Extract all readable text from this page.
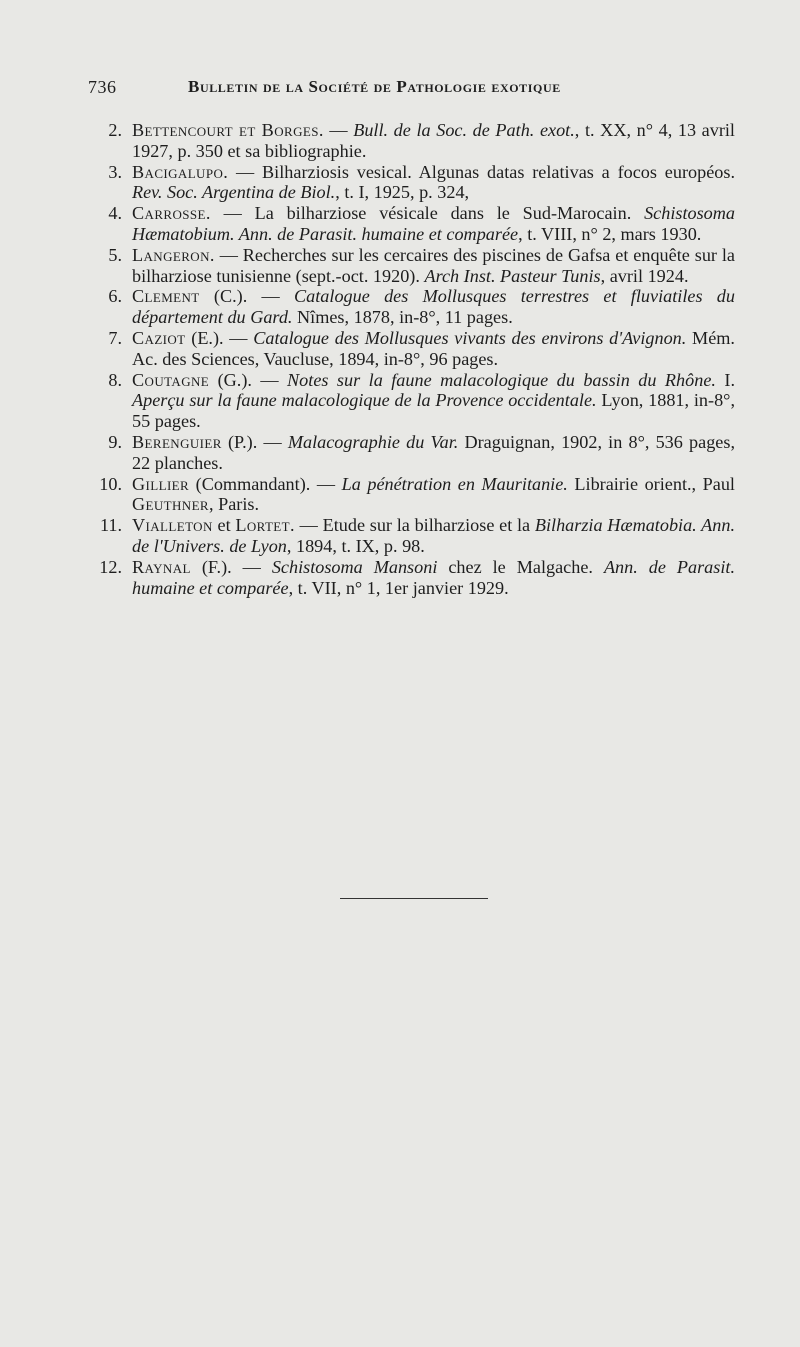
736	Bulletin de la Société de Pathologie exotique

2 . Bettencourt et Borges. — Bull. de la Soc. de Path. exot., t. XX, n° 4, 13 avril 1927, p. 350 et sa bibliographie.

3 . Bacigalupo. — Bilharziosis vesical. Algunas datas relativas a focos européos. Rev. Soc. Argentina de Biol., t. I, 1925, p. 324,

4 . Carrosse. — La bilharziose vésicale dans le Sud-Marocain. Schistosoma Hæmatobium. Ann. de Parasit. humaine et comparée, t. VIII, n° 2, mars 1930.

5 . Langeron. — Recherches sur les cercaires des piscines de Gafsa et enquête sur la bilharziose tunisienne (sept.-oct. 1920). Arch Inst. Pasteur Tunis, avril 1924.

6 . Clement (C.). — Catalogue des Mollusques terrestres et fluviatiles du département du Gard. Nîmes, 1878, in-8°, 11 pages.

7 . Caziot (E.). — Catalogue des Mollusques vivants des environs d'Avignon. Mém. Ac. des Sciences, Vaucluse, 1894, in-8°, 96 pages.

8 . Coutagne (G.). — Notes sur la faune malacologique du bassin du Rhône. I. Aperçu sur la faune malacologique de la Provence occidentale. Lyon, 1881, in-8°, 55 pages.

9 . Berenguier (P.). — Malacographie du Var. Draguignan, 1902, in 8°, 536 pages, 22 planches.

10 . Gillier (Commandant). — La pénétration en Mauritanie. Librairie orient., Paul Geuthner, Paris.

11 . Vialleton et Lortet. — Etude sur la bilharziose et la Bilharzia Hæmatobia. Ann. de l'Univers. de Lyon, 1894, t. IX, p. 98.

12 . Raynal (F.). — Schistosoma Mansoni chez le Malgache. Ann. de Parasit. humaine et comparée, t. VII, n° 1, 1er janvier 1929.
